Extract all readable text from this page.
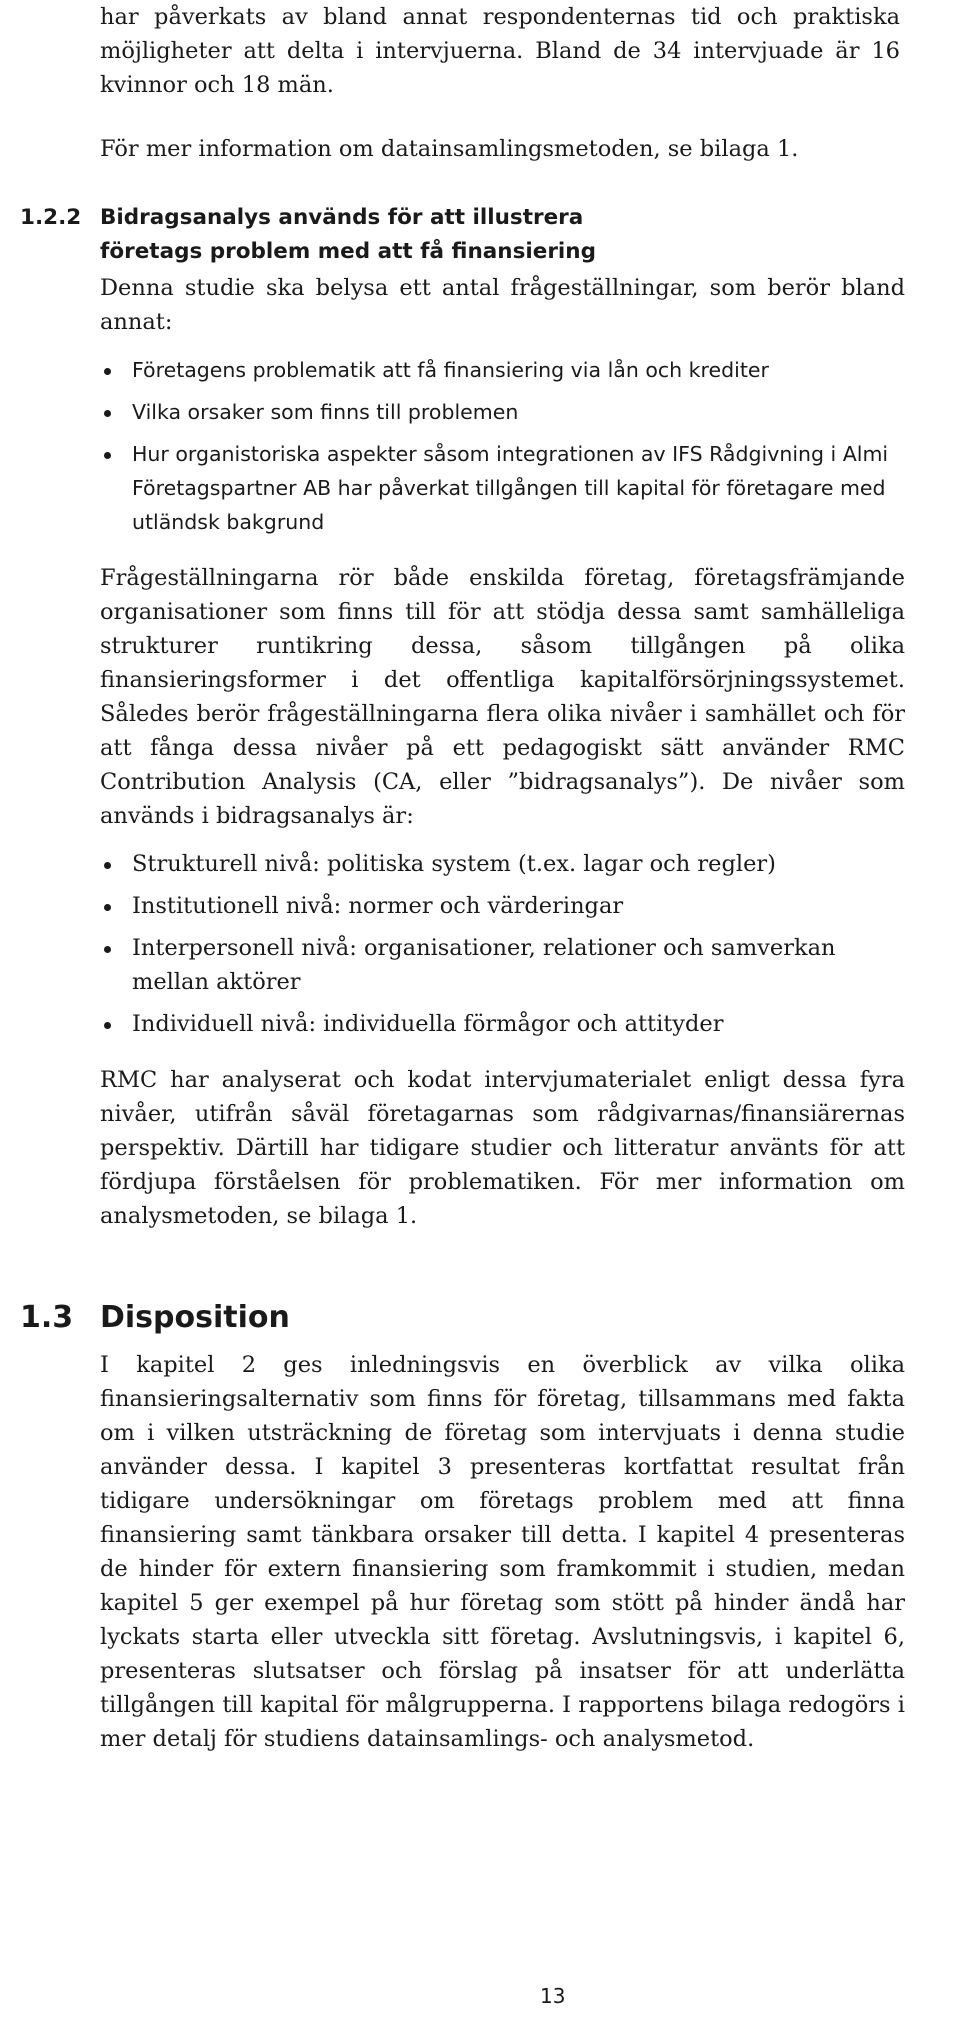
har påverkats av bland annat respondenternas tid och praktiska möjligheter att delta i intervjuerna. Bland de 34 intervjuade är 16 kvinnor och 18 män.

För mer information om datainsamlingsmetoden, se bilaga 1.

1.2.2 Bidragsanalys används för att illustrera
företags problem med att få finansiering

Denna studie ska belysa ett antal frågeställningar, som berör bland annat:

Företagens problematik att få finansiering via lån och krediter
Vilka orsaker som finns till problemen
Hur organistoriska aspekter såsom integrationen av IFS Rådgivning i Almi Företagspartner AB har påverkat tillgången till kapital för företagare med utländsk bakgrund

Frågeställningarna rör både enskilda företag, företagsfrämjande organisationer som finns till för att stödja dessa samt samhälleliga strukturer runtikring dessa, såsom tillgången på olika finansieringsformer i det offentliga kapitalförsörjningssystemet. Således berör frågeställningarna flera olika nivåer i samhället och för att fånga dessa nivåer på ett pedagogiskt sätt använder RMC Contribution Analysis (CA, eller ”bidragsanalys”). De nivåer som används i bidragsanalys är:

Strukturell nivå: politiska system (t.ex. lagar och regler)
Institutionell nivå: normer och värderingar
Interpersonell nivå: organisationer, relationer och samverkan mellan aktörer
Individuell nivå: individuella förmågor och attityder

RMC har analyserat och kodat intervjumaterialet enligt dessa fyra nivåer, utifrån såväl företagarnas som rådgivarnas/finansiärernas perspektiv. Därtill har tidigare studier och litteratur använts för att fördjupa förståelsen för problematiken. För mer information om analysmetoden, se bilaga 1.

1.3 Disposition

I kapitel 2 ges inledningsvis en överblick av vilka olika finansieringsalternativ som finns för företag, tillsammans med fakta om i vilken utsträckning de företag som intervjuats i denna studie använder dessa. I kapitel 3 presenteras kortfattat resultat från tidigare undersökningar om företags problem med att finna finansiering samt tänkbara orsaker till detta. I kapitel 4 presenteras de hinder för extern finansiering som framkommit i studien, medan kapitel 5 ger exempel på hur företag som stött på hinder ändå har lyckats starta eller utveckla sitt företag. Avslutningsvis, i kapitel 6, presenteras slutsatser och förslag på insatser för att underlätta tillgången till kapital för målgrupperna. I rapportens bilaga redogörs i mer detalj för studiens datainsamlings- och analysmetod.

13
